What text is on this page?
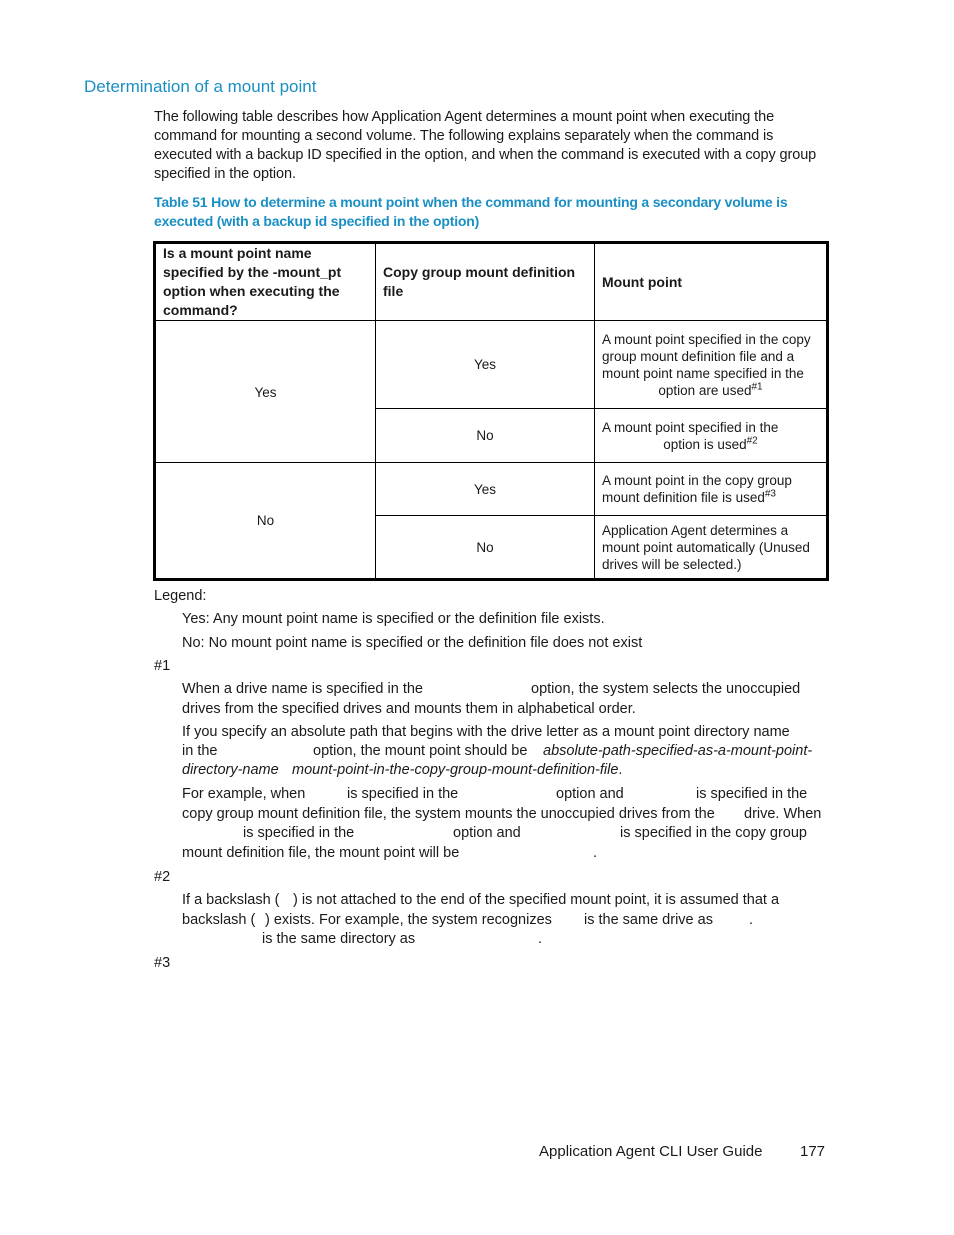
Determination of a mount point
The following table describes how Application Agent determines a mount point when executing the command for mounting a second volume. The following explains separately when the command is executed with a backup ID specified in the option, and when the command is executed with a copy group specified in the option.
Table 51 How to determine a mount point when the command for mounting a secondary volume is executed (with a backup id specified in the option)
Is a mount point name specified by the -mount_pt option when executing the command?	Copy group mount definition file	Mount point
Yes	Yes	A mount point specified in the copy group mount definition file and a mount point name specified in the
option are used$^{\#1}$

	No	A mount point specified in the
option is used$^{\#2}$

No	Yes	A mount point in the copy group mount definition file is used$^{\#3}$
	No	Application Agent determines a mount point automatically (Unused drives will be selected.)
Legend:
Yes: Any mount point name is specified or the definition file exists.
No: No mount point name is specified or the definition file does not exist
#1
When a drive name is specified in the	option, the system selects the unoccupied
drives from the specified drives and mounts them in alphabetical order.
If you specify an absolute path that begins with the drive letter as a mount point directory name
in the	option, the mount point should be absolute-path-specified-as-a-mount-point-
directory-name mount-point-in-the-copy-group-mount-definition-file.
For example, when	is specified in the	option and	is specified in the
copy group mount definition file, the system mounts the unoccupied drives from the drive. When
is specified in the	option and	is specified in the copy group
mount definition file, the mount point will be	.
#2
If a backslash ( ) is not attached to the end of the specified mount point, it is assumed that a
backslash ( ) exists. For example, the system recognizes is the same drive as .
is the same directory as	.
#3
Application Agent CLI User Guide	177
